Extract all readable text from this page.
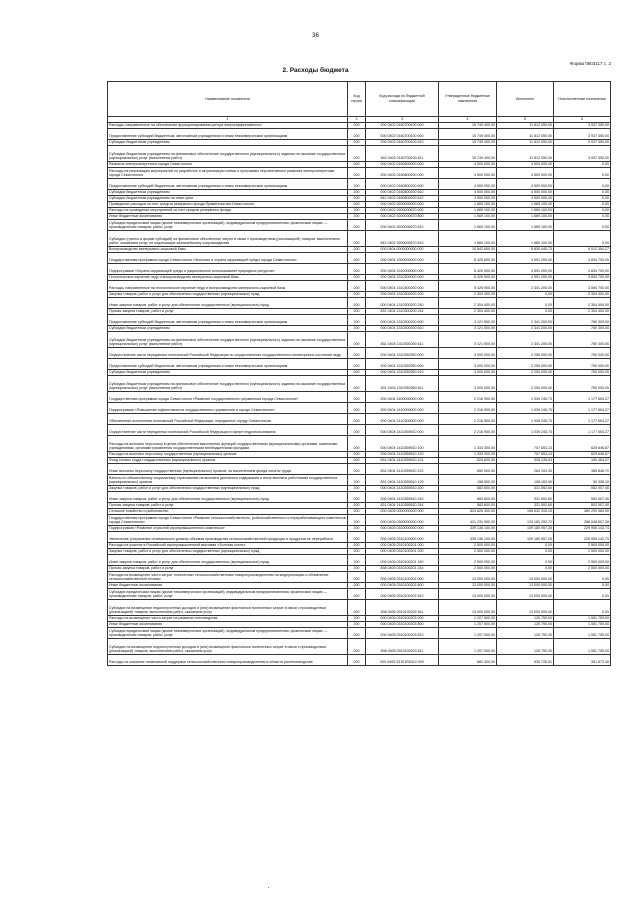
36
Форма 0503117 с. 2
2. Расходы бюджета
Наименование показателя	Код строки	Код расхода по бюджетной классификации	Утвержденные бюджетные назначения	Исполнено	Неисполненные назначения
1	2	3	4	5	6
Расходы, направленные на обеспечение функционирования центра энергоэффективности	200	000 0402 0160700100 000	15 749 400,00	11 812 050,00	3 937 350,00
Предоставление субсидий бюджетным, автономным учреждениям и иным некоммерческим организациям	200	000 0402 0160700100 600	15 749 400,00	11 812 050,00	3 937 350,00
Субсидии бюджетным учреждениям	200	000 0402 0160700100 610	15 749 400,00	11 812 050,00	3 937 350,00
Субсидии бюджетным учреждениям на финансовое обеспечение государственного (муниципального) задания на оказание государственных (муниципальных) услуг (выполнение работ)	200	842 0402 0160700100 611	15 749 400,00	11 812 050,00	3 937 350,00
Развитие электроэнергетики города Севастополя	200	000 0402 0160800000 000	4 500 000,00	4 500 000,00	0,00
Расходы на реализацию мероприятий по разработке и актуализации схемы и программы перспективного развития электроэнергетики города Севастополя	200	000 0402 0160800200 000	4 500 000,00	4 500 000,00	0,00
Предоставление субсидий бюджетным, автономным учреждениям и иным некоммерческим организациям	200	000 0402 0160800200 600	4 500 000,00	4 500 000,00	0,00
Субсидии бюджетным учреждениям	200	000 0402 0160800200 610	4 500 000,00	4 500 000,00	0,00
Субсидии бюджетным учреждениям на иные цели	200	842 0402 0160800200 612	4 500 000,00	4 500 000,00	0,00
Проведение расходов за счет средств резервного фонда Правительства Севастополя	200	000 0402 9200000000 000	1 669 100,00	1 669 100,00	0,00
Расходы на проведение мероприятий за счет средств резервного фонда	200	000 0402 9200000670 000	1 669 100,00	1 669 100,00	0,00
Иные бюджетные ассигнования	200	000 0402 9200000670 800	1 669 100,00	1 669 100,00	0,00
Субсидии юридическим лицам (кроме некоммерческих организаций), индивидуальным предпринимателям, физическим лицам — производителям товаров, работ, услуг	200	000 0402 9200000670 810	1 669 100,00	1 669 100,00	0,00
Субсидии (гранты в форме субсидий) на финансовое обеспечение затрат в связи с производством (реализацией) товаров, выполнением работ, оказанием услуг, не подлежащие казначейскому сопровождению	200	842 0402 9200000670 813	1 669 100,00	1 669 100,00	0,00
Воспроизводство минерально-сырьевой базы	200	000 0404 0000000000 000	10 842 800,00	5 830 445,73	5 012 354,27
Государственная программа города Севастополя «Экология и охрана окружающей среды города Севастополя»	200	000 0404 1300000000 000	8 425 800,00	4 591 200,00	3 834 700,00
Подпрограмма «Охрана окружающей среды и рациональное использование природных ресурсов»	200	000 0404 1310000000 000	8 425 900,00	4 591 200,00	3 834 700,00
Геологическое изучение недр и воспроизводство минерально-сырьевой базы	200	000 0404 1310300000 000	8 425 900,00	4 591 200,00	3 834 700,00
Расходы, направленные на геологическое изучение недр и воспроизводство минерально-сырьевой базы	200	000 0404 1310300200 000	5 425 900,00	2 341 200,00	3 084 700,00
Закупка товаров, работ и услуг для обеспечения государственных (муниципальных) нужд	200	000 0404 1310300200 200	2 304 400,00	0,00	2 304 400,00
Иные закупки товаров, работ и услуг для обеспечения государственных (муниципальных) нужд	200	000 0404 1310300200 240	2 304 400,00	0,00	2 304 400,00
Прочая закупка товаров, работ и услуг	200	831 0404 1310300200 244	2 304 400,00	0,00	2 304 400,00
Предоставление субсидий бюджетным, автономным учреждениям и иным некоммерческим организациям	200	000 0404 1310300200 600	3 121 500,00	2 341 200,00	780 300,00
Субсидии бюджетным учреждениям	200	000 0404 1310300200 610	3 121 500,00	2 341 200,00	780 300,00
Субсидии бюджетным учреждениям на финансовое обеспечение государственного (муниципального) задания на оказание государственных (муниципальных) услуг (выполнение работ)	200	831 0404 1310300200 611	3 121 500,00	2 341 200,00	780 300,00
Осуществление части переданных полномочий Российской Федерации по осуществлению государственного мониторинга состояния недр	200	000 0404 1310352950 000	3 000 000,00	2 250 000,00	750 000,00
Предоставление субсидий бюджетным, автономным учреждениям и иным некоммерческим организациям	200	000 0404 1310352950 600	3 000 000,00	2 250 000,00	750 000,00
Субсидии бюджетным учреждениям	200	000 0404 1310352950 610	3 000 000,00	2 250 000,00	750 000,00
Субсидии бюджетным учреждениям на финансовое обеспечение государственного (муниципального) задания на оказание государственных (муниципальных) услуг (выполнение работ)	200	831 0404 1310352950 611	3 000 000,00	2 250 000,00	750 000,00
Государственная программа города Севастополя «Развитие государственного управления города Севастополя»	200	000 0404 1400000000 000	2 216 900,00	1 039 245,73	1 177 654,27
Подпрограмма «Повышение эффективности государственного управления в городе Севастополе»	200	000 0404 1410000000 000	2 216 900,00	1 039 245,73	1 177 654,27
Обеспечение исполнения полномочий Российской Федерации, переданных городу Севастополю	200	000 0404 1410300000 000	2 216 900,00	1 039 245,73	1 177 654,27
Осуществление части переданных полномочий Российской Федерации в сфере недропользования	200	000 0404 1410359510 000	2 216 900,00	1 039 245,73	1 177 654,27
Расходы на выплаты персоналу в целях обеспечения выполнения функций государственными (муниципальными) органами, казенными учреждениями, органами управления государственными внебюджетными фондами	200	000 0404 1410359510 100	1 333 300,00	707 653,13	625 646,87
Расходы на выплаты персоналу государственных (муниципальных) органов	200	000 0404 1410359510 120	1 333 300,00	707 653,13	625 646,87
Фонд оплаты труда государственных (муниципальных) органов	200	831 0404 1410359510 121	524 600,00	335 135,93	189 464,07
Иные выплаты персоналу государственных (муниципальных) органов, за исключением фонда оплаты труда	200	831 0404 1410359510 122	650 000,00	264 153,30	385 846,70
Взносы по обязательному социальному страхованию на выплаты денежного содержания и иные выплаты работникам государственных (муниципальных) органов	200	831 0404 1410359510 129	158 500,00	108 163,90	50 336,10
Закупка товаров, работ и услуг для обеспечения государственных (муниципальных) нужд	200	000 0404 1410359510 200	883 600,00	331 592,60	552 007,40
Иные закупки товаров, работ и услуг для обеспечения государственных (муниципальных) нужд	200	000 0404 1410359510 240	883 600,00	331 592,60	552 007,40
Прочая закупка товаров, работ и услуг	200	831 0404 1410359510 244	883 600,00	331 592,60	552 007,40
Сельское хозяйство и рыболовство	200	000 0405 0000000000 000	624 826 300,00	155 532 315,10	469 293 984,90
Государственная программа города Севастополя «Развитие сельскохозяйственного, рыбохозяйственного и перерабатывающего комплексов города Севастополя»	200	000 0405 0300000000 000	421 231 900,00	133 183 292,72	288 048 607,28
Подпрограмма «Развитие отраслей агропромышленного комплекса»	200	000 0405 0310000000 000	339 136 100,00	109 180 957,26	229 955 142,74
Увеличение (сохранение оптимального уровня) объемов производства сельскохозяйственной продукции и продуктов ее переработки	200	000 0405 0310100000 000	339 136 100,00	109 180 957,26	229 955 142,74
Расходы на участие в Российской агропромышленной выставке «Золотая осень»	200	000 0405 0310100201 000	2 500 000,00	0,00	2 500 000,00
Закупка товаров, работ и услуг для обеспечения государственных (муниципальных) нужд	200	000 0405 0310100201 200	2 500 000,00	0,00	2 500 000,00
Иные закупки товаров, работ и услуг для обеспечения государственных (муниципальных) нужд	200	000 0405 0310100201 240	2 500 000,00	0,00	2 500 000,00
Прочая закупка товаров, работ и услуг	200	838 0405 0310100201 244	2 500 000,00	0,00	2 500 000,00
Расходы на возмещение части затрат, понесенных сельскохозяйственным товаропроизводителям на модернизацию и обновление сельскохозяйственной техники	200	000 0405 0310100202 000	13 000 000,00	13 000 000,00	0,00
Иные бюджетные ассигнования	200	000 0405 0310100202 800	13 000 000,00	13 000 000,00	0,00
Субсидии юридическим лицам (кроме некоммерческих организаций), индивидуальным предпринимателям, физическим лицам — производителям товаров, работ, услуг	200	000 0405 0310100202 810	13 000 000,00	13 000 000,00	0,00
Субсидии на возмещение недополученных доходов и (или) возмещение фактически понесенных затрат в связи с производством (реализацией) товаров, выполнением работ, оказанием услуг	200	838 0405 0310100202 811	13 000 000,00	13 000 000,00	0,00
Расходы на возмещение части затрат на развитие пчеловодства	200	000 0405 0310100203 000	1 207 500,00	125 750,00	1 081 750,00
Иные бюджетные ассигнования	200	000 0405 0310100203 800	1 207 500,00	125 750,00	1 081 750,00
Субсидии юридическим лицам (кроме некоммерческих организаций), индивидуальным предпринимателям, физическим лицам — производителям товаров, работ, услуг	200	000 0405 0310100203 810	1 207 500,00	125 750,00	1 081 750,00
Субсидии на возмещение недополученных доходов и (или) возмещение фактически понесенных затрат в связи с производством (реализацией) товаров, выполнением работ, оказанием услуг	200	838 0405 0310100203 811	1 207 500,00	125 750,00	1 081 750,00
Расходы на оказание несвязанной поддержки сельскохозяйственным товаропроизводителям в области растениеводства	200	000 0405 03101R5410 000	882 400,00	530 726,51	351 673,49
